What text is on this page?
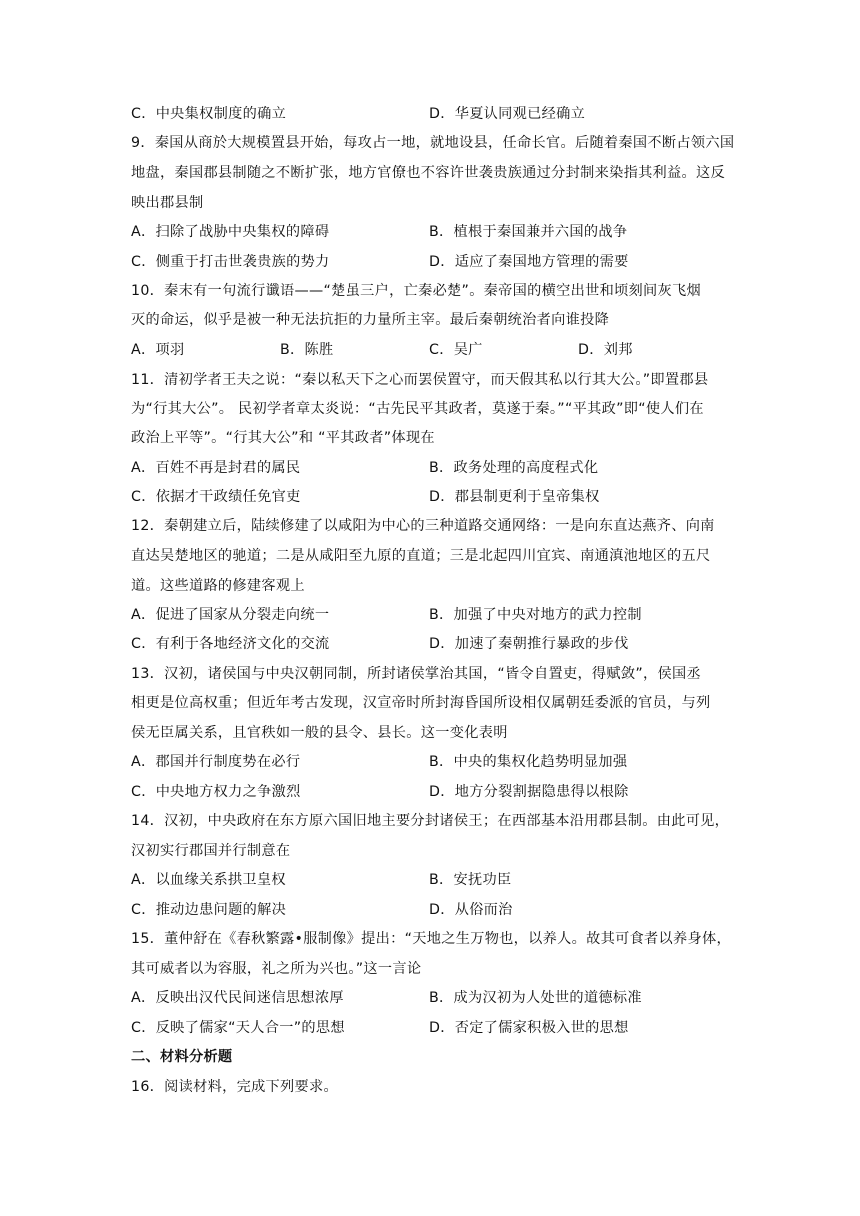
C．中央集权制度的确立	D．华夏认同观已经确立
9．秦国从商於大规模置县开始，每攻占一地，就地设县，任命长官。后随着秦国不断占领六国
地盘，秦国郡县制随之不断扩张，地方官僚也不容许世袭贵族通过分封制来染指其利益。这反
映出郡县制
A．扫除了战胁中央集权的障碍	B．植根于秦国兼并六国的战争
C．侧重于打击世袭贵族的势力	D．适应了秦国地方管理的需要
10．秦末有一句流行谶语——“楚虽三户，亡秦必楚”。秦帝国的横空出世和顷刻间灰飞烟
灭的命运，似乎是被一种无法抗拒的力量所主宰。最后秦朝统治者向谁投降
A．项羽	B．陈胜	C．吴广	D．刘邦
11．清初学者王夫之说：“秦以私天下之心而罢侯置守，而天假其私以行其大公。”即置郡县
为“行其大公”。 民初学者章太炎说：“古先民平其政者，莫遂于秦。”“平其政”即“使人们在
政治上平等”。“行其大公”和 “平其政者”体现在
A．百姓不再是封君的属民	B．政务处理的高度程式化
C．依据才干政绩任免官吏	D．郡县制更利于皇帝集权
12．秦朝建立后，陆续修建了以咸阳为中心的三种道路交通网络：一是向东直达燕齐、向南
直达吴楚地区的驰道；二是从咸阳至九原的直道；三是北起四川宜宾、南通滇池地区的五尺
道。这些道路的修建客观上
A．促进了国家从分裂走向统一	B．加强了中央对地方的武力控制
C．有利于各地经济文化的交流	D．加速了秦朝推行暴政的步伐
13．汉初，诸侯国与中央汉朝同制，所封诸侯掌治其国，“皆令自置吏，得赋敛”，侯国丞
相更是位高权重；但近年考古发现，汉宣帝时所封海昏国所设相仅属朝廷委派的官员，与列
侯无臣属关系，且官秩如一般的县令、县长。这一变化表明
A．郡国并行制度势在必行	B．中央的集权化趋势明显加强
C．中央地方权力之争激烈	D．地方分裂割据隐患得以根除
14．汉初，中央政府在东方原六国旧地主要分封诸侯王；在西部基本沿用郡县制。由此可见，
汉初实行郡国并行制意在
A．以血缘关系拱卫皇权	B．安抚功臣
C．推动边患问题的解决	D．从俗而治
15．董仲舒在《春秋繁露•服制像》提出：“天地之生万物也，以养人。故其可食者以养身体，
其可威者以为容服，礼之所为兴也。”这一言论
A．反映出汉代民间迷信思想浓厚	B．成为汉初为人处世的道德标准
C．反映了儒家“天人合一”的思想	D．否定了儒家积极入世的思想
二、材料分析题
16．阅读材料，完成下列要求。
